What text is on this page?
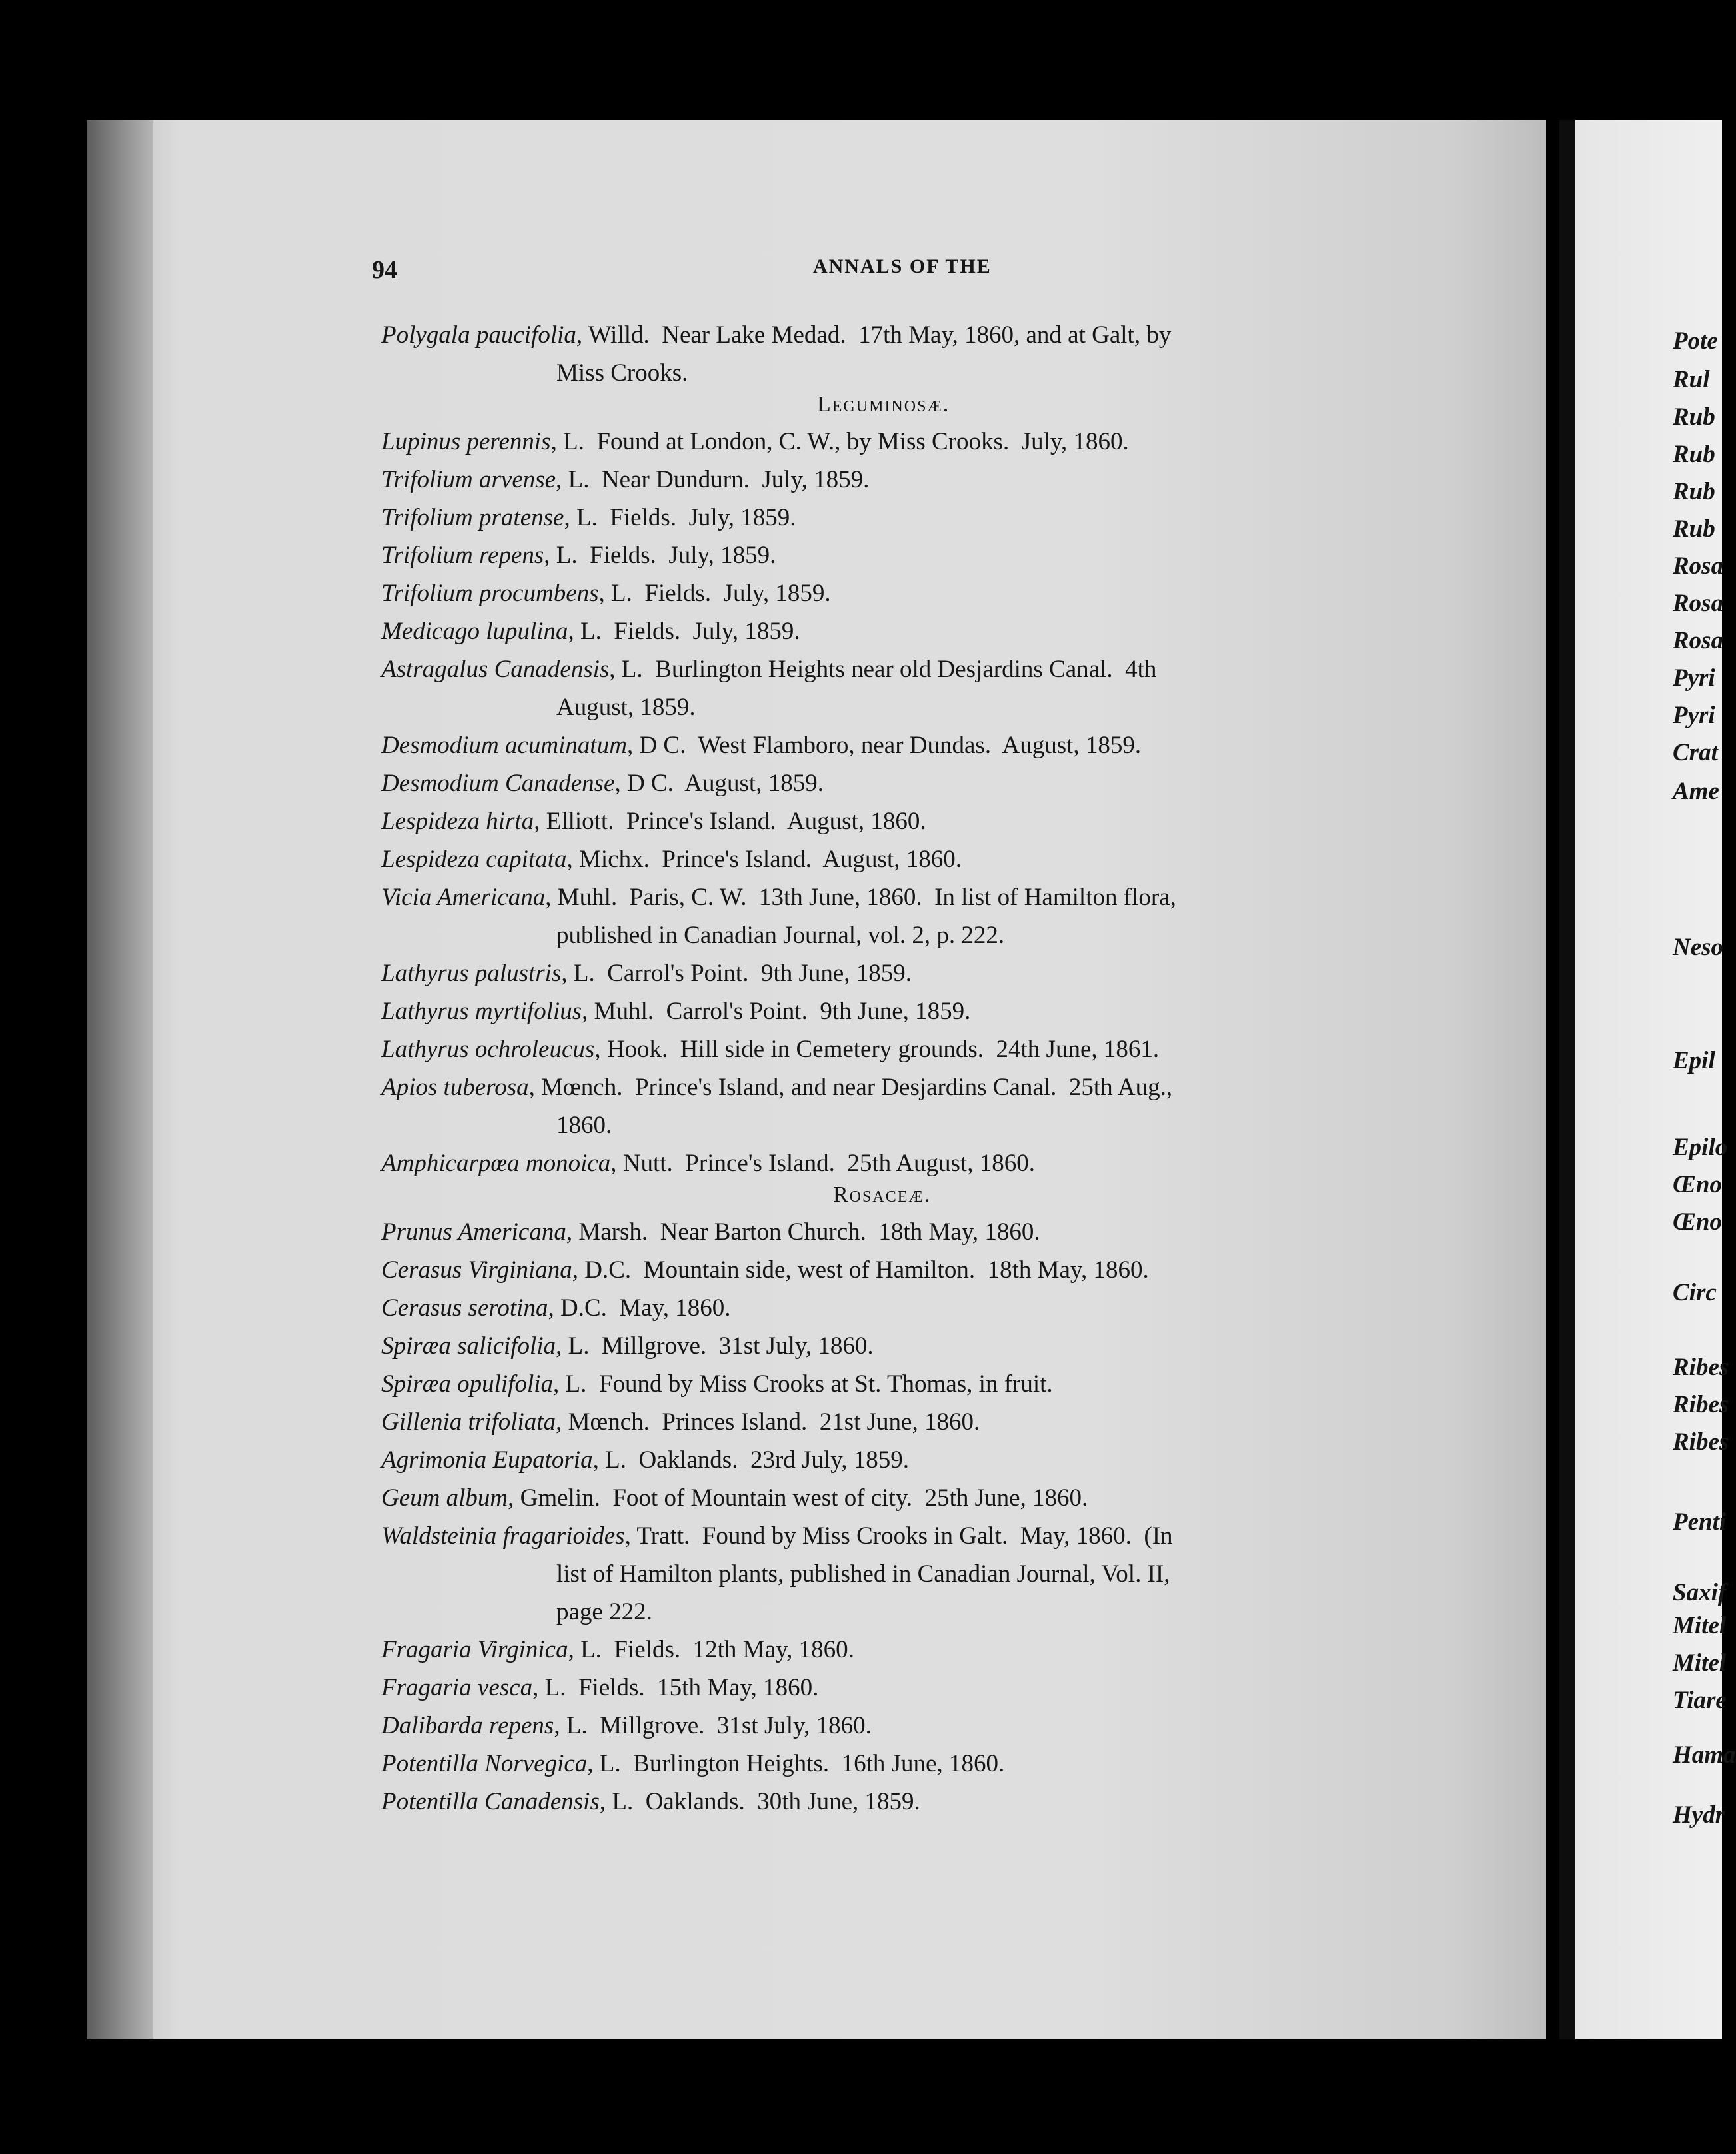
94	ANNALS OF THE
Polygala paucifolia, Willd.  Near Lake Medad.  17th May, 1860, and at Galt, by
Miss Crooks.
Lupinus perennis, L.  Found at London, C. W., by Miss Crooks.  July, 1860.
Trifolium arvense, L.  Near Dundurn.  July, 1859.
Trifolium pratense, L.  Fields.  July, 1859.
Trifolium repens, L.  Fields.  July, 1859.
Trifolium procumbens, L.  Fields.  July, 1859.
Medicago lupulina, L.  Fields.  July, 1859.
Astragalus Canadensis, L.  Burlington Heights near old Desjardins Canal.  4th
August, 1859.
Desmodium acuminatum, D C.  West Flamboro, near Dundas.  August, 1859.
Desmodium Canadense, D C.  August, 1859.
Lespideza hirta, Elliott.  Prince's Island.  August, 1860.
Lespideza capitata, Michx.  Prince's Island.  August, 1860.
Vicia Americana, Muhl.  Paris, C. W.  13th June, 1860.  In list of Hamilton flora,
published in Canadian Journal, vol. 2, p. 222.
Lathyrus palustris, L.  Carrol's Point.  9th June, 1859.
Lathyrus myrtifolius, Muhl.  Carrol's Point.  9th June, 1859.
Lathyrus ochroleucus, Hook.  Hill side in Cemetery grounds.  24th June, 1861.
Apios tuberosa, Mœnch.  Prince's Island, and near Desjardins Canal.  25th Aug.,
1860.
Amphicarpœa monoica, Nutt.  Prince's Island.  25th August, 1860.
Prunus Americana, Marsh.  Near Barton Church.  18th May, 1860.
Cerasus Virginiana, D.C.  Mountain side, west of Hamilton.  18th May, 1860.
Cerasus serotina, D.C.  May, 1860.
Spiræa salicifolia, L.  Millgrove.  31st July, 1860.
Spiræa opulifolia, L.  Found by Miss Crooks at St. Thomas, in fruit.
Gillenia trifoliata, Mœnch.  Princes Island.  21st June, 1860.
Agrimonia Eupatoria, L.  Oaklands.  23rd July, 1859.
Geum album, Gmelin.  Foot of Mountain west of city.  25th June, 1860.
Waldsteinia fragarioides, Tratt.  Found by Miss Crooks in Galt.  May, 1860.  (In
list of Hamilton plants, published in Canadian Journal, Vol. II,
page 222.
Fragaria Virginica, L.  Fields.  12th May, 1860.
Fragaria vesca, L.  Fields.  15th May, 1860.
Dalibarda repens, L.  Millgrove.  31st July, 1860.
Potentilla Norvegica, L.  Burlington Heights.  16th June, 1860.
Potentilla Canadensis, L.  Oaklands.  30th June, 1859.
Leguminosæ.
Rosaceæ.
Pote
Rul
Rub
Rub
Rub
Rub
Rosa
Rosa
Rosa
Pyri
Pyri
Crat
Ame
Neso
Epil
Epilo
Œno
Œno
Circ
Ribes
Ribes
Ribes
Penti
Saxif
Mitel
Mitel
Tiare
Hama
Hydr
